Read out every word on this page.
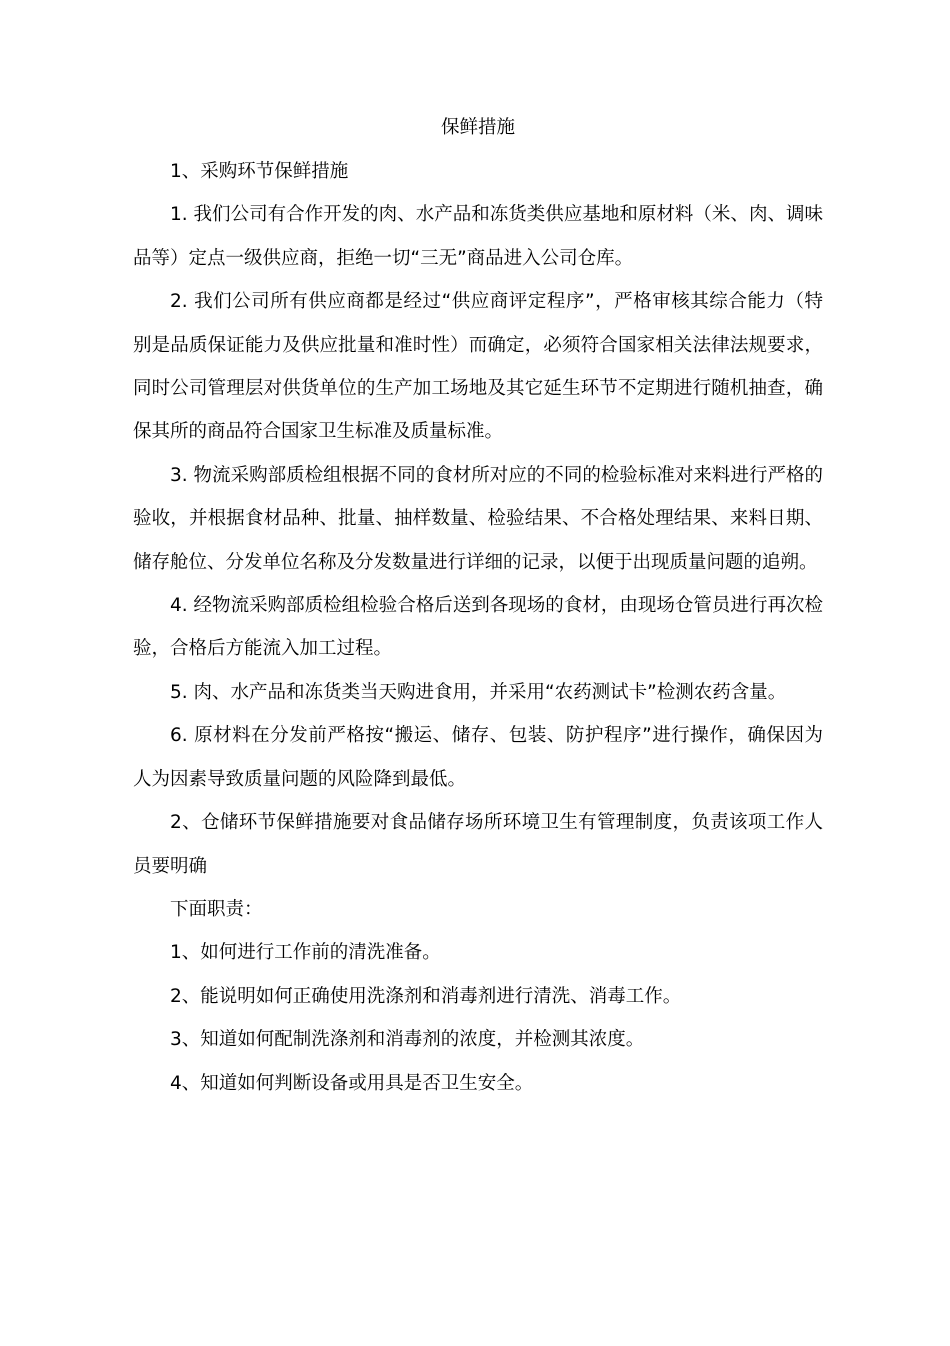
保鲜措施

1、采购环节保鲜措施

1. 我们公司有合作开发的肉、水产品和冻货类供应基地和原材料（米、肉、调味品等）定点一级供应商，拒绝一切“三无”商品进入公司仓库。

2. 我们公司所有供应商都是经过“供应商评定程序”，严格审核其综合能力（特别是品质保证能力及供应批量和准时性）而确定，必须符合国家相关法律法规要求，同时公司管理层对供货单位的生产加工场地及其它延生环节不定期进行随机抽查，确保其所的商品符合国家卫生标准及质量标准。

3. 物流采购部质检组根据不同的食材所对应的不同的检验标准对来料进行严格的验收，并根据食材品种、批量、抽样数量、检验结果、不合格处理结果、来料日期、储存舱位、分发单位名称及分发数量进行详细的记录，以便于出现质量问题的追朔。

4. 经物流采购部质检组检验合格后送到各现场的食材，由现场仓管员进行再次检验，合格后方能流入加工过程。

5. 肉、水产品和冻货类当天购进食用，并采用“农药测试卡”检测农药含量。

6. 原材料在分发前严格按“搬运、储存、包装、防护程序”进行操作，确保因为人为因素导致质量问题的风险降到最低。

2、仓储环节保鲜措施要对食品储存场所环境卫生有管理制度，负责该项工作人员要明确

下面职责：

1、如何进行工作前的清洗准备。

2、能说明如何正确使用洗涤剂和消毒剂进行清洗、消毒工作。

3、知道如何配制洗涤剂和消毒剂的浓度，并检测其浓度。

4、知道如何判断设备或用具是否卫生安全。
